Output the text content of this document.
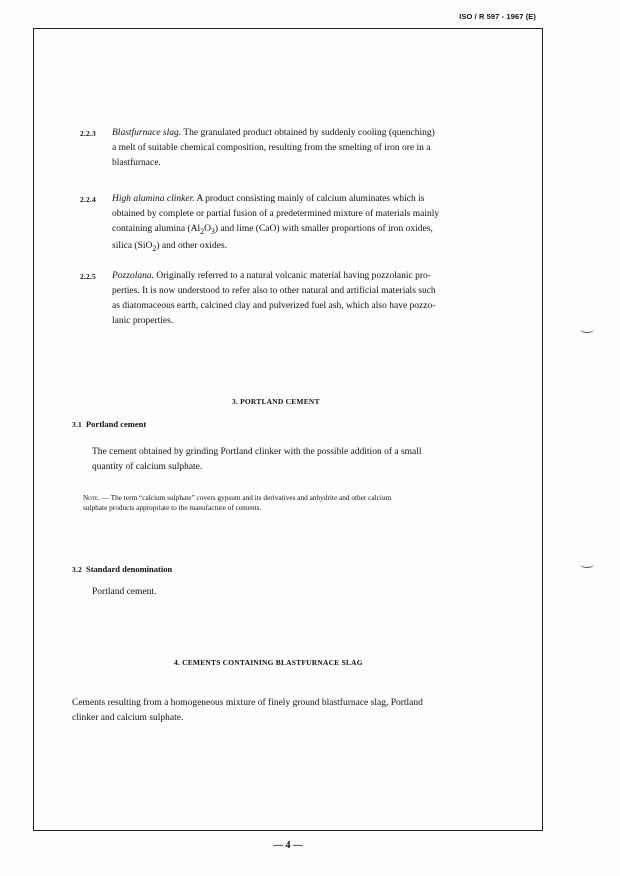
ISO / R 597 - 1967 (E)
2.2.3 Blastfurnace slag. The granulated product obtained by suddenly cooling (quenching)
a melt of suitable chemical composition, resulting from the smelting of iron ore in a
blastfurnace.
2.2.4 High alumina clinker. A product consisting mainly of calcium aluminates which is
obtained by complete or partial fusion of a predetermined mixture of materials mainly
containing alumina $(Al_2O_3)$ and lime (CaO) with smaller proportions of iron oxides,
silica (SiO$_2$) and other oxides.
2.2.5 Pozzolana. Originally referred to a natural volcanic material having pozzolanic pro-
perties. It is now understood to refer also to other natural and artificial materials such
as diatomaceous earth, calcined clay and pulverized fuel ash, which also have pozzo-
lanic properties.
3. PORTLAND CEMENT
3.1 Portland cement
The cement obtained by grinding Portland clinker with the possible addition of a small
quantity of calcium sulphate.
Note. — The term “calcium sulphate” covers gypsum and its derivatives and anhydrite and other calcium
sulphate products appropriate to the manufacture of cements.
3.2 Standard denomination
Portland cement.
4. CEMENTS CONTAINING BLASTFURNACE SLAG
Cements resulting from a homogeneous mixture of finely ground blastfurnace slag, Portland
clinker and calcium sulphate.
— 4 —
